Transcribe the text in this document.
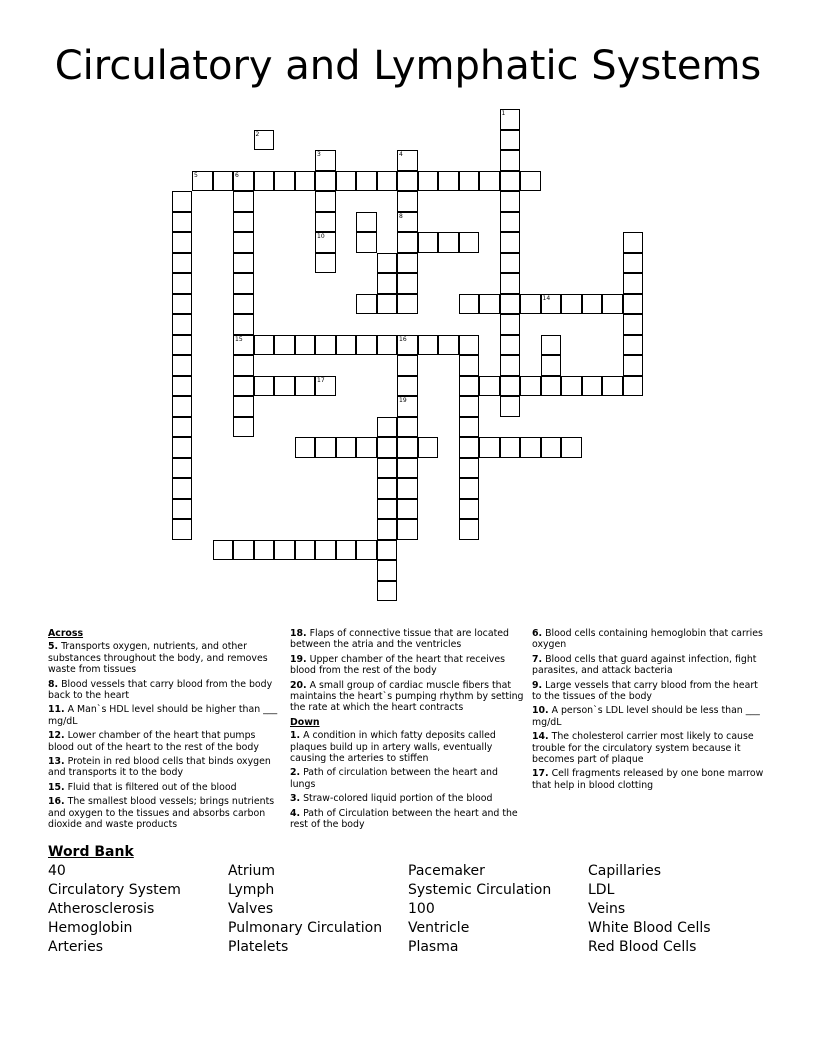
Circulatory and Lymphatic Systems
1
2
3	4
5	6
8
10
14
15	16
17
19
Across
5. Transports oxygen, nutrients, and other substances throughout the body, and removes waste from tissues
8. Blood vessels that carry blood from the body back to the heart
11. A Man`s HDL level should be higher than ___ mg/dL
12. Lower chamber of the heart that pumps blood out of the heart to the rest of the body
13. Protein in red blood cells that binds oxygen and transports it to the body
15. Fluid that is filtered out of the blood
16. The smallest blood vessels; brings nutrients and oxygen to the tissues and absorbs carbon dioxide and waste products
18. Flaps of connective tissue that are located between the atria and the ventricles
19. Upper chamber of the heart that receives blood from the rest of the body
20. A small group of cardiac muscle fibers that maintains the heart`s pumping rhythm by setting the rate at which the heart contracts
Down
1. A condition in which fatty deposits called plaques build up in artery walls, eventually causing the arteries to stiffen
2. Path of circulation between the heart and lungs
3. Straw-colored liquid portion of the blood
4. Path of Circulation between the heart and the rest of the body
6. Blood cells containing hemoglobin that carries oxygen
7. Blood cells that guard against infection, fight parasites, and attack bacteria
9. Large vessels that carry blood from the heart to the tissues of the body
10. A person`s LDL level should be less than ___ mg/dL
14. The cholesterol carrier most likely to cause trouble for the circulatory system because it becomes part of plaque
17. Cell fragments released by one bone marrow that help in blood clotting
Word Bank
40
Circulatory System
Atherosclerosis
Hemoglobin
Arteries
Atrium
Lymph
Valves
Pulmonary Circulation
Platelets
Pacemaker
Systemic Circulation
100
Ventricle
Plasma
Capillaries
LDL
Veins
White Blood Cells
Red Blood Cells
